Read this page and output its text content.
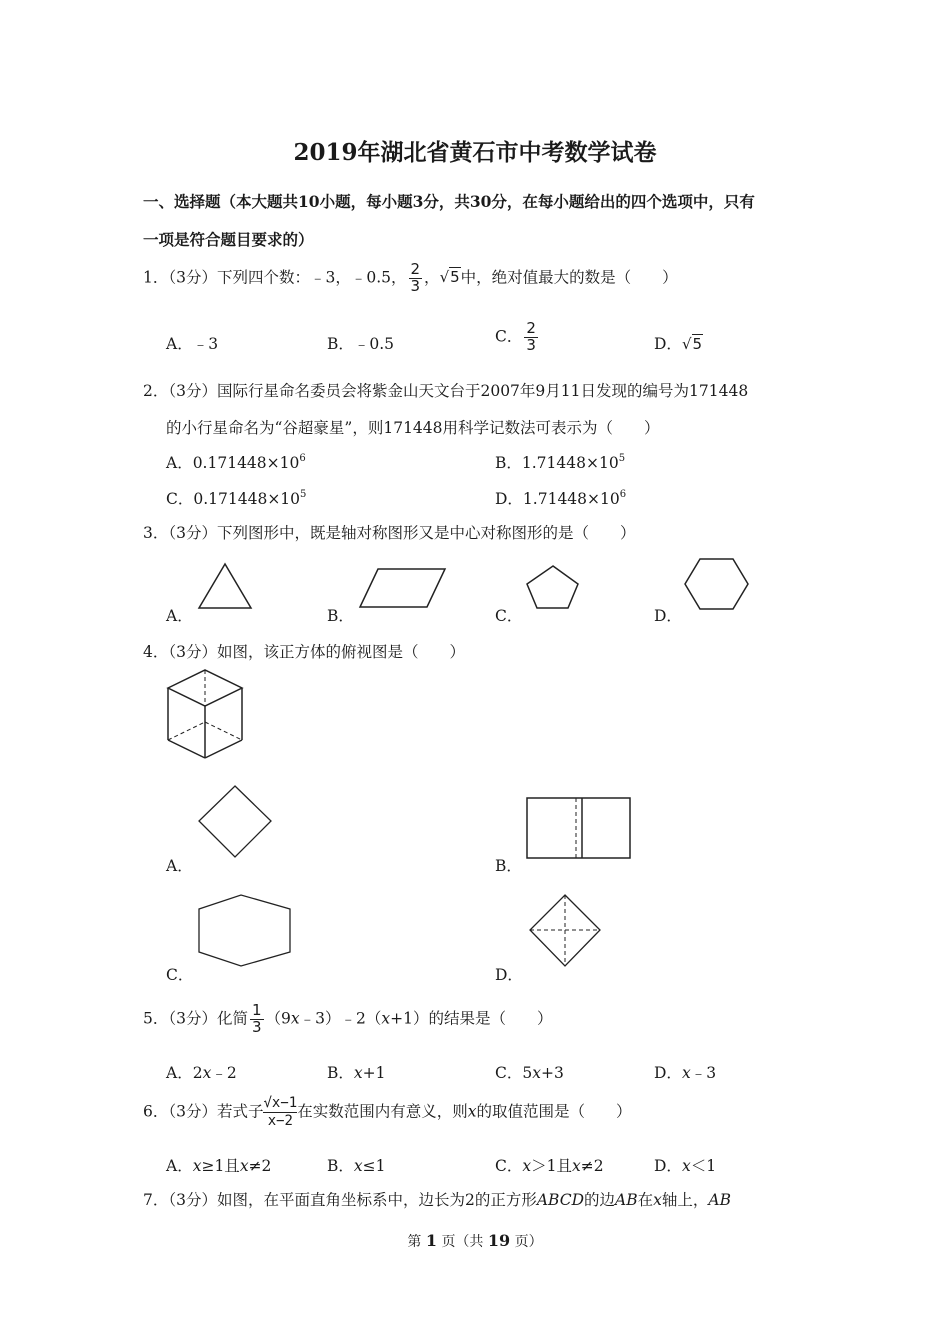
2019年湖北省黄石市中考数学试卷
一、选择题（本大题共10小题，每小题3分，共30分，在每小题给出的四个选项中，只有
一项是符合题目要求的）
1．（3分）下列四个数：﹣3，﹣0.5， $\frac{2}{3}$ ，√5中，绝对值最大的数是（　　）
A．﹣3	B．﹣0.5	C． $\frac{2}{3}$	D．√5
2．（3分）国际行星命名委员会将紫金山天文台于2007年9月11日发现的编号为171448
的小行星命名为“谷超豪星”，则171448用科学记数法可表示为（　　）
A．$0.171448\times 10^6$	B．$1.71448\times 10^5$
C．$0.171448\times 10^5$	D．$1.71448\times 10^6$
3．（3分）下列图形中，既是轴对称图形又是中心对称图形的是（　　）
A．	B．	C．	D．
4．（3分）如图，该正方体的俯视图是（　　）
A．	B．
C．	D．
5．（3分）化简 $\frac{1}{3}$ （9x﹣3）﹣2（x+1）的结果是（　　）
A．2x﹣2	B．x+1	C．5x+3	D．x﹣3
6．（3分）若式子 $\frac{√x-1}{x-2}$在实数范围内有意义，则x的取值范围是（　　）
A．x≥1且x≠2	B．x≤1	C．x＞1且x≠2	D．x＜1
7．（3分）如图，在平面直角坐标系中，边长为2的正方形ABCD的边AB在x轴上，AB
第 1 页（共 19 页）
